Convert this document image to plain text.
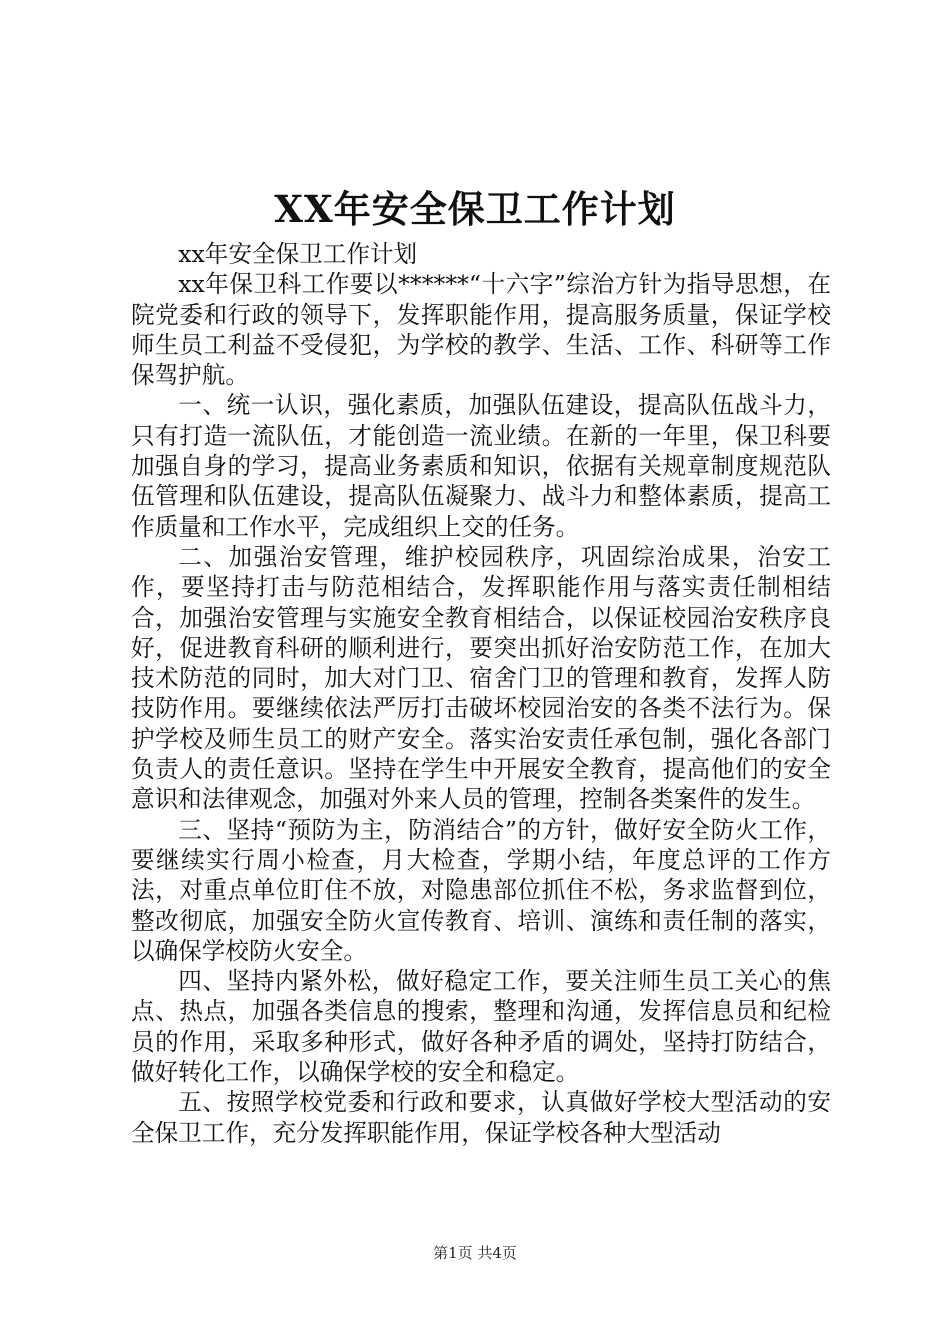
XX年安全保卫工作计划

xx年安全保卫工作计划

xx年保卫科工作要以******“十六字”综治方针为指导思想，在院党委和行政的领导下，发挥职能作用，提高服务质量，保证学校师生员工利益不受侵犯，为学校的教学、生活、工作、科研等工作保驾护航。

一、统一认识，强化素质，加强队伍建设，提高队伍战斗力，只有打造一流队伍，才能创造一流业绩。在新的一年里，保卫科要加强自身的学习，提高业务素质和知识，依据有关规章制度规范队伍管理和队伍建设，提高队伍凝聚力、战斗力和整体素质，提高工作质量和工作水平，完成组织上交的任务。

二、加强治安管理，维护校园秩序，巩固综治成果，治安工作，要坚持打击与防范相结合，发挥职能作用与落实责任制相结合，加强治安管理与实施安全教育相结合，以保证校园治安秩序良好，促进教育科研的顺利进行，要突出抓好治安防范工作，在加大技术防范的同时，加大对门卫、宿舍门卫的管理和教育，发挥人防技防作用。要继续依法严厉打击破坏校园治安的各类不法行为。保护学校及师生员工的财产安全。落实治安责任承包制，强化各部门负责人的责任意识。坚持在学生中开展安全教育，提高他们的安全意识和法律观念，加强对外来人员的管理，控制各类案件的发生。

三、坚持“预防为主，防消结合”的方针，做好安全防火工作，要继续实行周小检查，月大检查，学期小结，年度总评的工作方法，对重点单位盯住不放，对隐患部位抓住不松，务求监督到位，整改彻底，加强安全防火宣传教育、培训、演练和责任制的落实，以确保学校防火安全。

四、坚持内紧外松，做好稳定工作，要关注师生员工关心的焦点、热点，加强各类信息的搜索，整理和沟通，发挥信息员和纪检员的作用，采取多种形式，做好各种矛盾的调处，坚持打防结合，做好转化工作，以确保学校的安全和稳定。

五、按照学校党委和行政和要求，认真做好学校大型活动的安全保卫工作，充分发挥职能作用，保证学校各种大型活动

第1页 共4页
